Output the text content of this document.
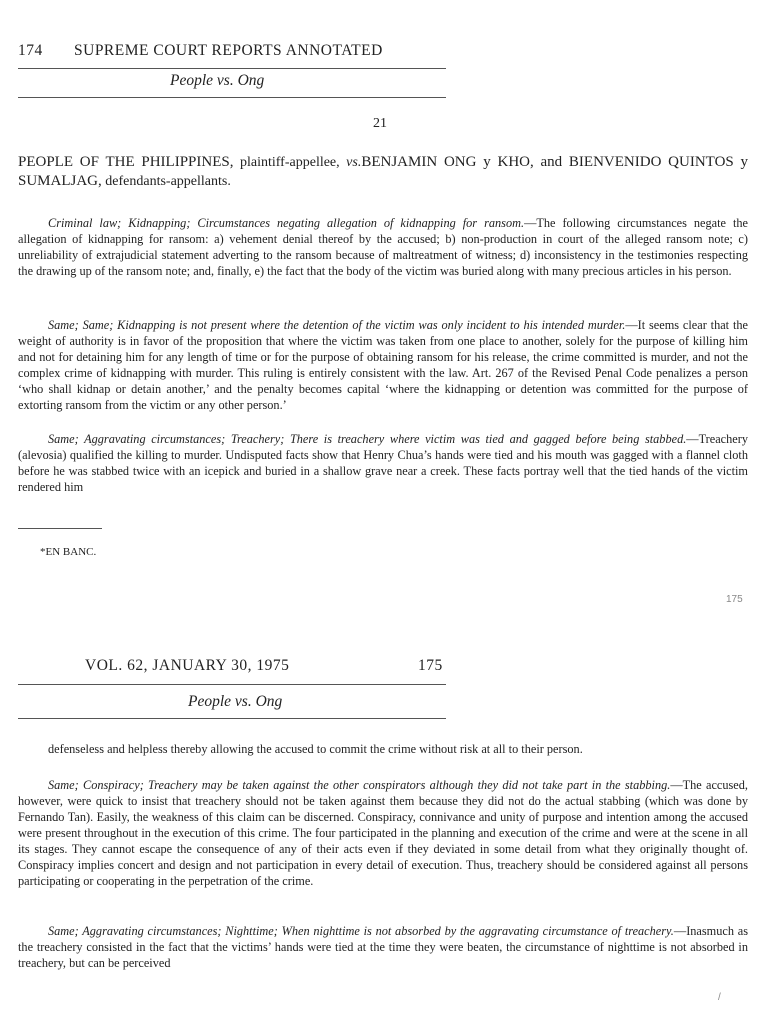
174 SUPREME COURT REPORTS ANNOTATED
People vs. Ong
21
PEOPLE OF THE PHILIPPINES, plaintiff-appellee, vs.BENJAMIN ONG y KHO, and BIENVENIDO QUINTOS y SUMALJAG, defendants-appellants.

Criminal law; Kidnapping; Circumstances negating allegation of kidnapping for ransom.—The following circumstances negate the allegation of kidnapping for ransom: a) vehement denial thereof by the accused; b) non-production in court of the alleged ransom note; c) unreliability of extrajudicial statement adverting to the ransom because of maltreatment of witness; d) inconsistency in the testimonies respecting the drawing up of the ransom note; and, finally, e) the fact that the body of the victim was buried along with many precious articles in his person.

Same; Same; Kidnapping is not present where the detention of the victim was only incident to his intended murder.—It seems clear that the weight of authority is in favor of the proposition that where the victim was taken from one place to another, solely for the purpose of killing him and not for detaining him for any length of time or for the purpose of obtaining ransom for his release, the crime committed is murder, and not the complex crime of kidnapping with murder. This ruling is entirely consistent with the law. Art. 267 of the Revised Penal Code penalizes a person ‘who shall kidnap or detain another,’ and the penalty becomes capital ‘where the kidnapping or detention was committed for the purpose of extorting ransom from the victim or any other person.’

Same; Aggravating circumstances; Treachery; There is treachery where victim was tied and gagged before being stabbed.—Treachery (alevosia) qualified the killing to murder. Undisputed facts show that Henry Chua’s hands were tied and his mouth was gagged with a flannel cloth before he was stabbed twice with an icepick and buried in a shallow grave near a creek. These facts portray well that the tied hands of the victim rendered him

*EN BANC.
175
VOL. 62, JANUARY 30, 1975	175
People vs. Ong

defenseless and helpless thereby allowing the accused to commit the crime without risk at all to their person.

Same; Conspiracy; Treachery may be taken against the other conspirators although they did not take part in the stabbing.—The accused, however, were quick to insist that treachery should not be taken against them because they did not do the actual stabbing (which was done by Fernando Tan). Easily, the weakness of this claim can be discerned. Conspiracy, connivance and unity of purpose and intention among the accused were present throughout in the execution of this crime. The four participated in the planning and execution of the crime and were at the scene in all its stages. They cannot escape the consequence of any of their acts even if they deviated in some detail from what they originally thought of. Conspiracy implies concert and design and not participation in every detail of execution. Thus, treachery should be considered against all persons participating or cooperating in the perpetration of the crime.

Same; Aggravating circumstances; Nighttime; When nighttime is not absorbed by the aggravating circumstance of treachery.—Inasmuch as the treachery consisted in the fact that the victims’ hands were tied at the time they were beaten, the circumstance of nighttime is not absorbed in treachery, but can be perceived

/
